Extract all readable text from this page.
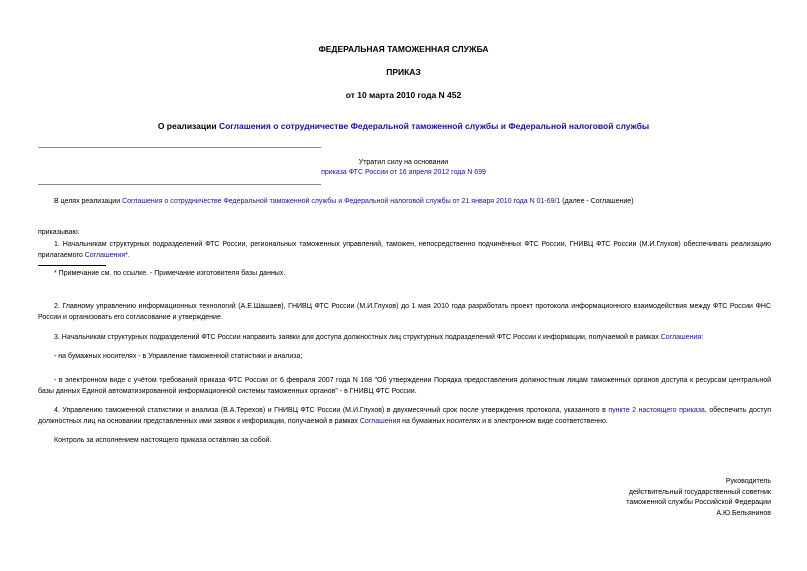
ФЕДЕРАЛЬНАЯ ТАМОЖЕННАЯ СЛУЖБА
ПРИКАЗ
от 10 марта 2010 года N 452
О реализации Соглашения о сотрудничестве Федеральной таможенной службы и Федеральной налоговой службы
Утратил силу на основании
приказа ФТС России от 16 апреля 2012 года N 699
В целях реализации Соглашения о сотрудничестве Федеральной таможенной службы и Федеральной налоговой службы от 21 января 2010 года N 01-69/1 (далее - Соглашение)
приказываю:
1. Начальникам структурных подразделений ФТС России, региональных таможенных управлений, таможен, непосредственно подчинённых ФТС России, ГНИВЦ ФТС России (М.И.Глухов) обеспечивать реализацию прилагаемого Соглашения*.
* Примечание см. по ссылке. - Примечание изготовителя базы данных.
2. Главному управлению информационных технологий (А.Е.Шашаев), ГНИВЦ ФТС России (М.И.Глухов) до 1 мая 2010 года разработать проект протокола информационного взаимодействия между ФТС России ФНС России и организовать его согласование и утверждение.
3. Начальникам структурных подразделений ФТС России направить заявки для доступа должностных лиц структурных подразделений ФТС России к информации, получаемой в рамках Соглашения:
- на бумажных носителях - в Управление таможенной статистики и анализа;
- в электронном виде с учётом требований приказа ФТС России от 6 февраля 2007 года N 168 "Об утверждении Порядка предоставления должностным лицам таможенных органов доступа к ресурсам центральной базы данных Единой автоматизированной информационной системы таможенных органов" - в ГНИВЦ ФТС России.
4. Управлению таможенной статистики и анализа (В.А.Терехов) и ГНИВЦ ФТС России (М.И.Глухов) в двухмесячный срок после утверждения протокола, указанного в пункте 2 настоящего приказа, обеспечить доступ должностных лиц на основании представленных ими заявок к информации, получаемой в рамках Соглашения на бумажных носителях и в электронном виде соответственно.
Контроль за исполнением настоящего приказа оставляю за собой.
Руководитель
действительный государственный советник
таможенной службы Российской Федерации
А.Ю.Бельянинов
